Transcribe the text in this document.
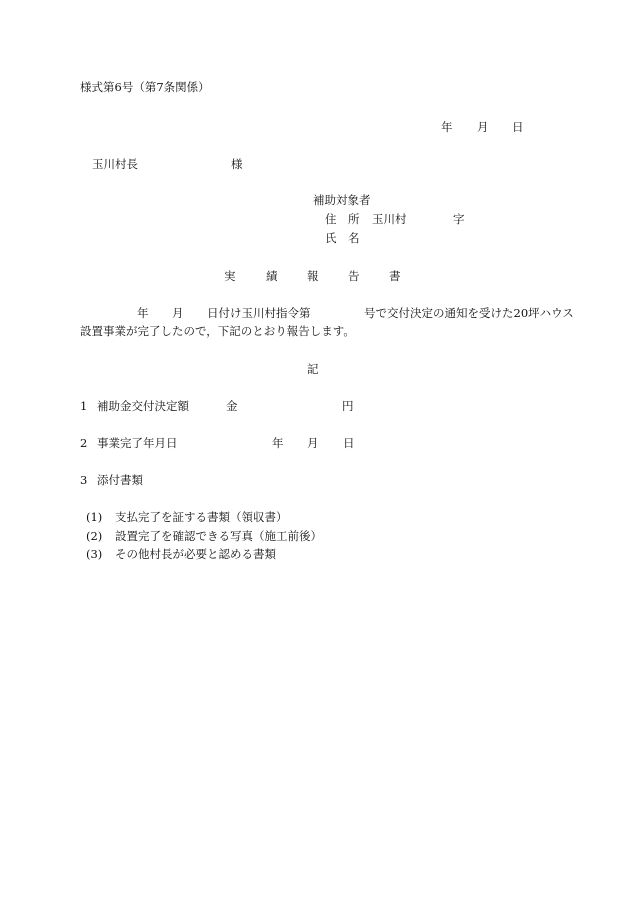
様式第6号（第7条関係）
年 月 日
玉川村長	様
補助対象者
住　所 玉川村	字
氏　名
実	績	報	告	書
年 月 日付け玉川村指令第	号で交付決定の通知を受けた20坪ハウス
設置事業が完了したので，下記のとおり報告します。
記
1 補助金交付決定額	金	円
2 事業完了年月日	年 月 日
3 添付書類
(1) 支払完了を証する書類（領収書）
(2) 設置完了を確認できる写真（施工前後）
(3) その他村長が必要と認める書類
